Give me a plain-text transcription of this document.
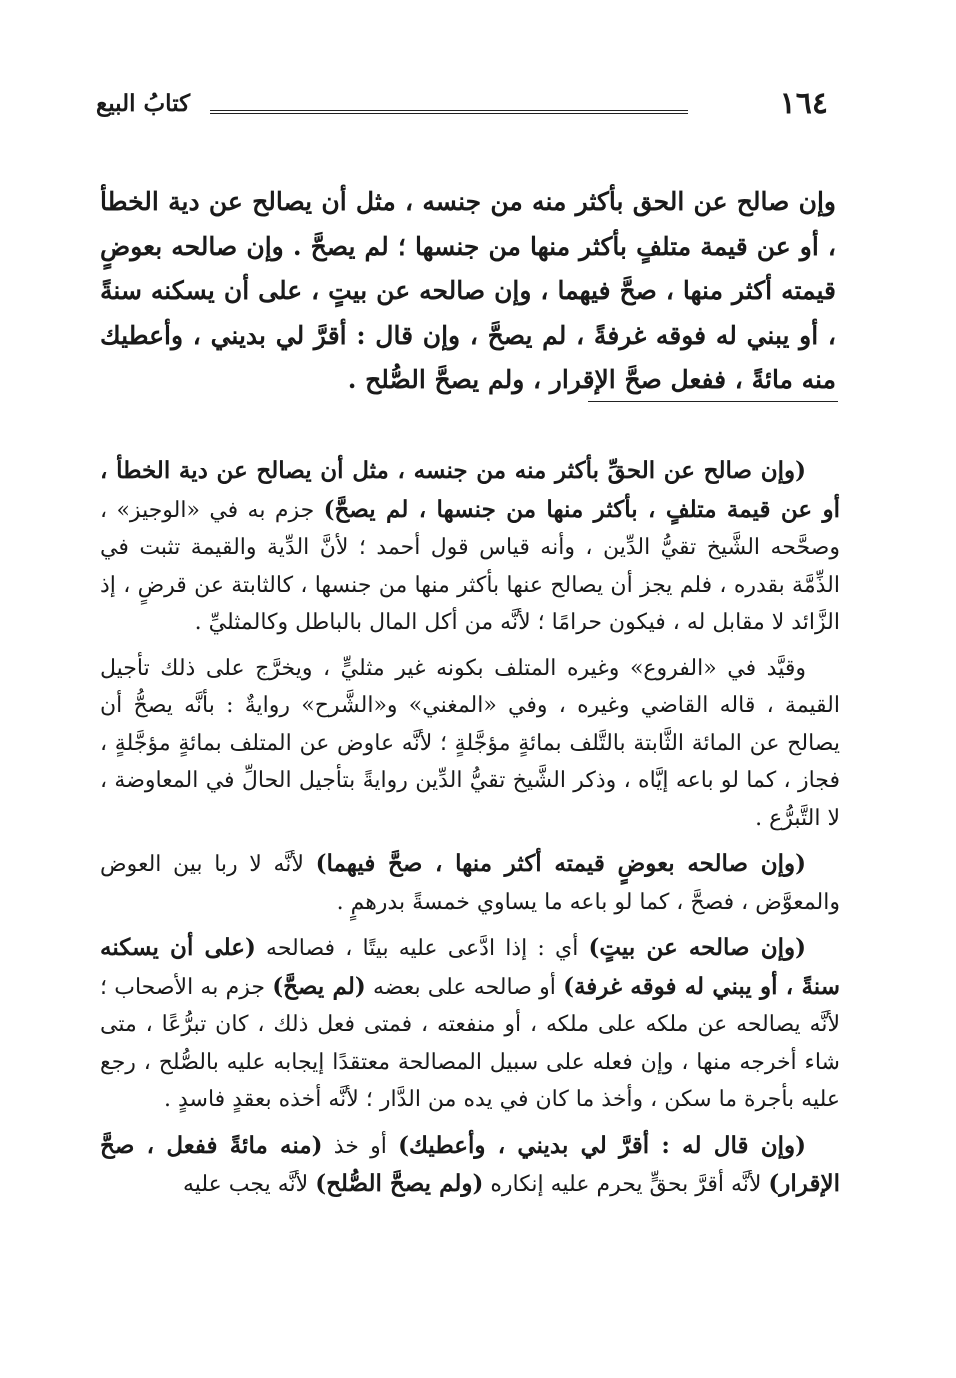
١٦٤
كتابُ البيع
وإن صالح عن الحق بأكثر منه من جنسه ، مثل أن يصالح عن دية الخطأ ، أو عن قيمة متلفٍ بأكثر منها من جنسها ؛ لم يصحَّ . وإن صالحه بعوضٍ قيمته أكثر منها ، صحَّ فيهما ، وإن صالحه عن بيتٍ ، على أن يسكنه سنةً ، أو يبني له فوقه غرفةً ، لم يصحَّ ، وإن قال : أقرَّ لي بديني ، وأعطيك منه مائةً ، ففعل صحَّ الإقرار ، ولم يصحَّ الصُّلح .

(وإن صالح عن الحقِّ بأكثر منه من جنسه ، مثل أن يصالح عن دية الخطأ ، أو عن قيمة متلفٍ ، بأكثر منها من جنسها ، لم يصحَّ) جزم به في «الوجيز» ، وصحَّحه الشَّيخ تقيُّ الدِّين ، وأنه قياس قول أحمد ؛ لأنَّ الدِّية والقيمة تثبت في الذِّمَّة بقدره ، فلم يجز أن يصالح عنها بأكثر منها من جنسها ، كالثابتة عن قرضٍ ، إذ الزَّائد لا مقابل له ، فيكون حرامًا ؛ لأنَّه من أكل المال بالباطل وكالمثليِّ .

وقيَّد في «الفروع» وغيره المتلف بكونه غير مثليٍّ ، ويخرَّج على ذلك تأجيل القيمة ، قاله القاضي وغيره ، وفي «المغني» و«الشَّرح» روايةٌ : بأنَّه يصحُّ أن يصالح عن المائة الثَّابتة بالتَّلف بمائةٍ مؤجَّلةٍ ؛ لأنَّه عاوض عن المتلف بمائةٍ مؤجَّلةٍ ، فجاز ، كما لو باعه إيَّاه ، وذكر الشَّيخ تقيُّ الدِّين روايةً بتأجيل الحالِّ في المعاوضة ، لا التَّبرُّع .

(وإن صالحه بعوضٍ قيمته أكثر منها ، صحَّ فيهما) لأنَّه لا ربا بين العوض والمعوَّض ، فصحَّ ، كما لو باعه ما يساوي خمسةً بدرهمٍ .

(وإن صالحه عن بيتٍ) أي : إذا ادَّعى عليه بيتًا ، فصالحه (على أن يسكنه سنةً ، أو يبني له فوقه غرفة) أو صالحه على بعضه (لم يصحَّ) جزم به الأصحاب ؛ لأنَّه يصالحه عن ملكه على ملكه ، أو منفعته ، فمتى فعل ذلك ، كان تبرُّعًا ، متى شاء أخرجه منها ، وإن فعله على سبيل المصالحة معتقدًا إيجابه عليه بالصُّلح ، رجع عليه بأجرة ما سكن ، وأخذ ما كان في يده من الدَّار ؛ لأنَّه أخذه بعقدٍ فاسدٍ .

(وإن قال له : أقرَّ لي بديني ، وأعطيك) أو خذ (منه مائةً ففعل ، صحَّ الإقرار) لأنَّه أقرَّ بحقٍّ يحرم عليه إنكاره (ولم يصحَّ الصُّلح) لأنَّه يجب عليه
